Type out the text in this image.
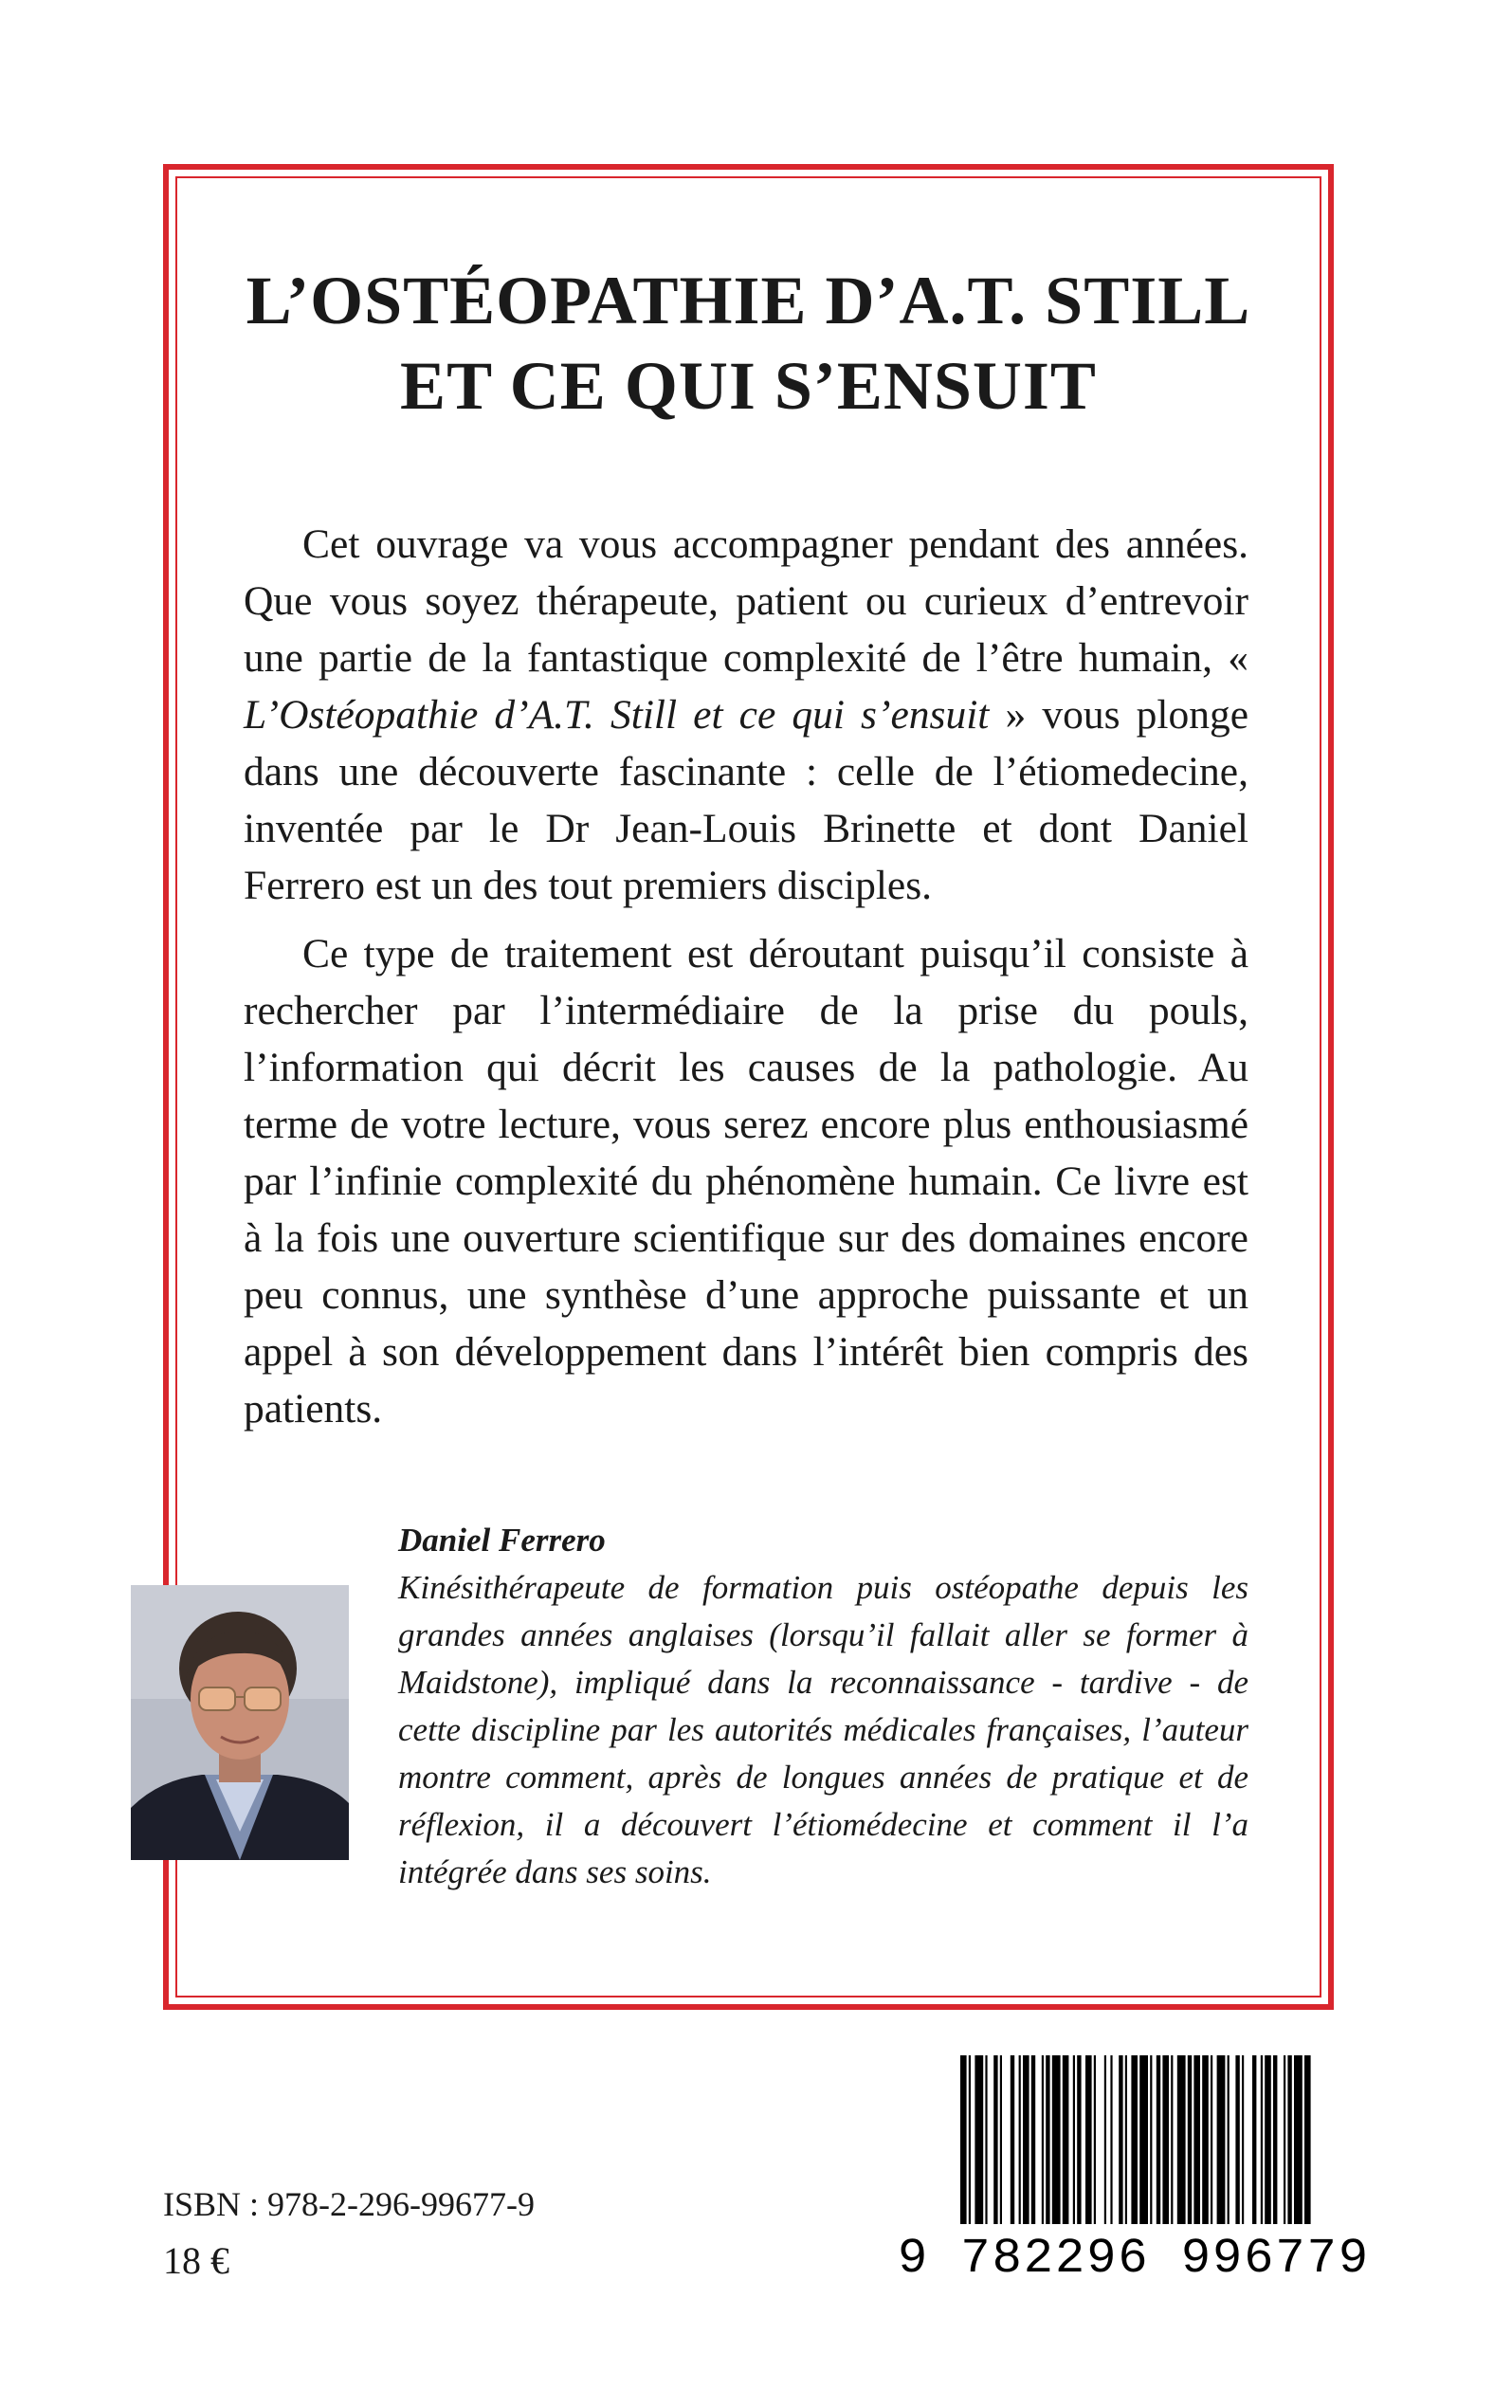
L’OSTÉOPATHIE D’A.T. STILL
ET CE QUI S’ENSUIT

Cet ouvrage va vous accompagner pendant des années. Que vous soyez thérapeute, patient ou curieux d’entrevoir une partie de la fantastique complexité de l’être humain, « L’Ostéopathie d’A.T. Still et ce qui s’ensuit » vous plonge dans une découverte fascinante : celle de l’étiomedecine, inventée par le Dr Jean-Louis Brinette et dont Daniel Ferrero est un des tout premiers disciples.

Ce type de traitement est déroutant puisqu’il consiste à rechercher par l’intermédiaire de la prise du pouls, l’information qui décrit les causes de la pathologie. Au terme de votre lecture, vous serez encore plus enthousiasmé par l’infinie complexité du phénomène humain. Ce livre est à la fois une ouverture scientifique sur des domaines encore peu connus, une synthèse d’une approche puissante et un appel à son développement dans l’intérêt bien compris des patients.

Daniel Ferrero
Kinésithérapeute de formation puis ostéopathe depuis les grandes années anglaises (lorsqu’il fallait aller se former à Maidstone), impliqué dans la reconnaissance - tardive - de cette discipline par les autorités médicales françaises, l’auteur montre comment, après de longues années de pratique et de réflexion, il a découvert l’étiomédecine et comment il l’a intégrée dans ses soins.
ISBN : 978-2-296-99677-9
18 €	9 782296 996779
